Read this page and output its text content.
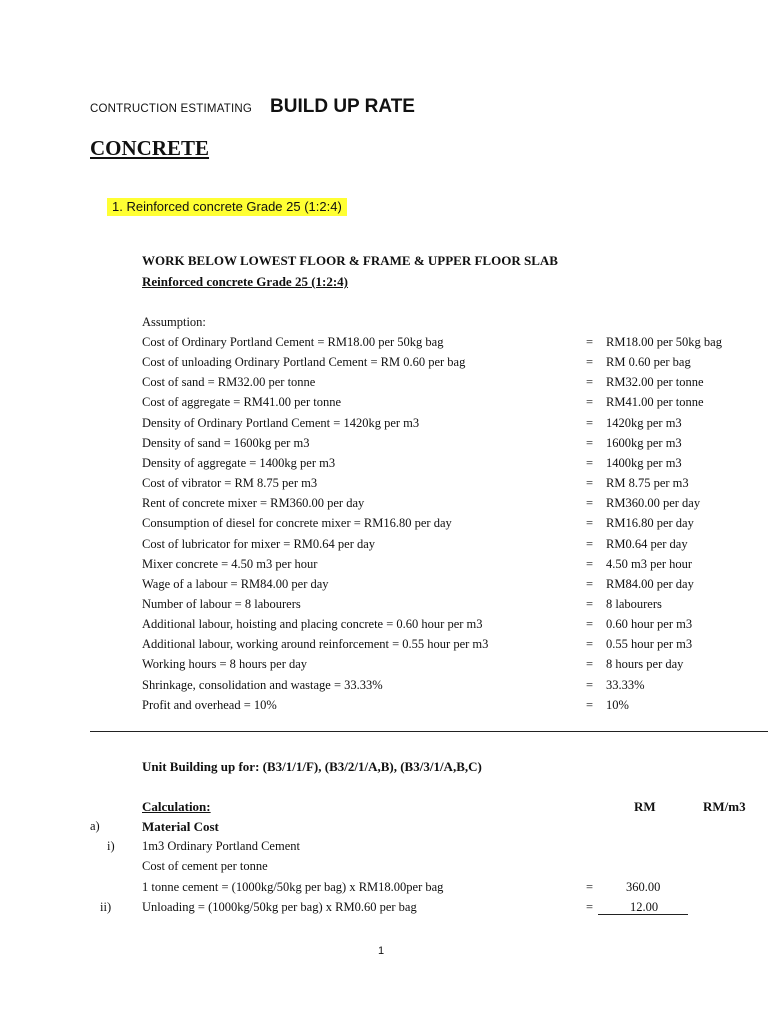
CONTRUCTION ESTIMATING BUILD UP RATE
CONCRETE
1. Reinforced concrete Grade 25 (1:2:4)
WORK BELOW LOWEST FLOOR & FRAME & UPPER FLOOR SLAB
Reinforced concrete Grade 25 (1:2:4)
Assumption:
Cost of Ordinary Portland Cement = RM18.00 per 50kg bag	= RM18.00 per 50kg bag
Cost of unloading Ordinary Portland Cement = RM 0.60 per bag	= RM 0.60 per bag
Cost of sand = RM32.00 per tonne	= RM32.00 per tonne
Cost of aggregate = RM41.00 per tonne	= RM41.00 per tonne
Density of Ordinary Portland Cement = 1420kg per m3	= 1420kg per m3
Density of sand = 1600kg per m3	= 1600kg per m3
Density of aggregate = 1400kg per m3	= 1400kg per m3
Cost of vibrator = RM 8.75 per m3	= RM 8.75 per m3
Rent of concrete mixer = RM360.00 per day	= RM360.00 per day
Consumption of diesel for concrete mixer = RM16.80 per day	= RM16.80 per day
Cost of lubricator for mixer = RM0.64 per day	= RM0.64 per day
Mixer concrete = 4.50 m3 per hour	= 4.50 m3 per hour
Wage of a labour = RM84.00 per day	= RM84.00 per day
Number of labour = 8 labourers	= 8 labourers
Additional labour, hoisting and placing concrete = 0.60 hour per m3	= 0.60 hour per m3
Additional labour, working around reinforcement = 0.55 hour per m3	= 0.55 hour per m3
Working hours = 8 hours per day	= 8 hours per day
Shrinkage, consolidation and wastage = 33.33%	= 33.33%
Profit and overhead = 10%	= 10%
Unit Building up for: (B3/1/1/F), (B3/2/1/A,B), (B3/3/1/A,B,C)
Calculation:	RM	RM/m3
a)	Material Cost
i) 1m3 Ordinary Portland Cement
Cost of cement per tonne
1 tonne cement = (1000kg/50kg per bag) x RM18.00per bag	=	360.00
ii) Unloading = (1000kg/50kg per bag) x RM0.60 per bag	=	12.00
1
